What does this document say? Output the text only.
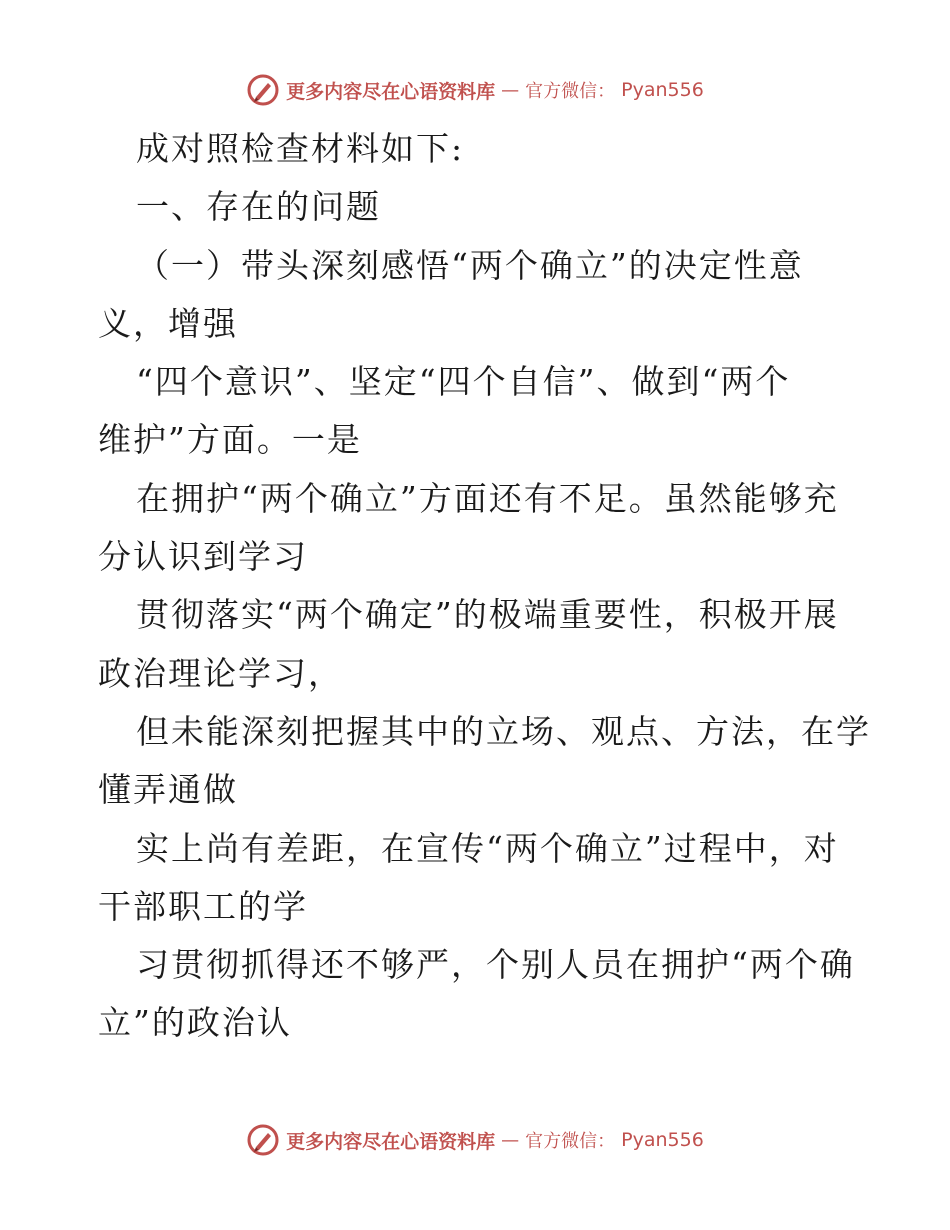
更多内容尽在心语资料库 — 官方微信： Pyan556
成对照检查材料如下:
一、存在的问题
（一）带头深刻感悟“两个确立”的决定性意
义，增强
“四个意识”、坚定“四个自信”、做到“两个
维护”方面。一是
在拥护“两个确立”方面还有不足。虽然能够充
分认识到学习
贯彻落实“两个确定”的极端重要性，积极开展
政治理论学习，
但未能深刻把握其中的立场、观点、方法，在学
懂弄通做
实上尚有差距，在宣传“两个确立”过程中，对
干部职工的学
习贯彻抓得还不够严，个别人员在拥护“两个确
立”的政治认
更多内容尽在心语资料库 — 官方微信： Pyan556
